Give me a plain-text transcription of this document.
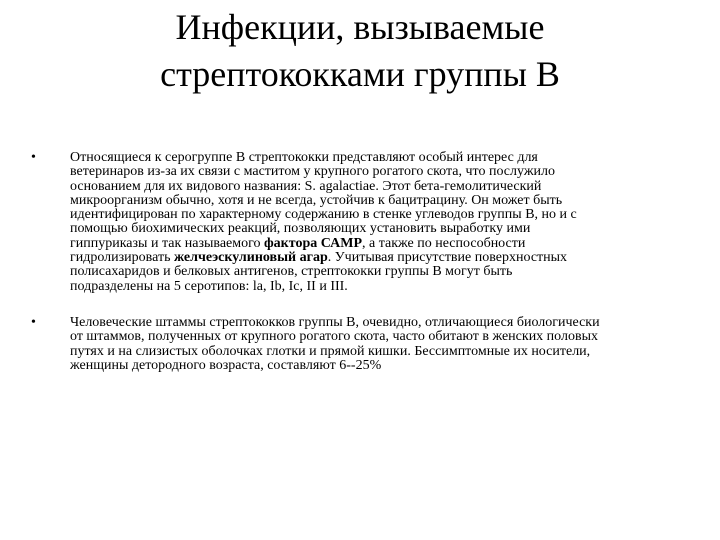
Инфекции, вызываемые
стрептококками группы В
• Относящиеся к серогруппе В стрептококки представляют особый интерес для
ветеринаров из-за их связи с маститом у крупного рогатого скота, что послужило
основанием для их видового названия: S. agalactiae. Этот бета-гемолитический
микроорганизм обычно, хотя и не всегда, устойчив к бацитрацину. Он может быть
идентифицирован по характерному содержанию в стенке углеводов группы В, но и с
помощью биохимических реакций, позволяющих установить выработку ими
гиппуриказы и так называемого фактора САМР, а также по неспособности
гидролизировать желчеэскулиновый агар. Учитывая присутствие поверхностных
полисахаридов и белковых антигенов, стрептококки группы В могут быть
подразделены на 5 серотипов: la, Ib, Ic, II и III.
• Человеческие штаммы стрептококков группы В, очевидно, отличающиеся биологически
от штаммов, полученных от крупного рогатого скота, часто обитают в женских половых
путях и на слизистых оболочках глотки и прямой кишки. Бессимптомные их носители,
женщины детородного возраста, составляют 6--25%
